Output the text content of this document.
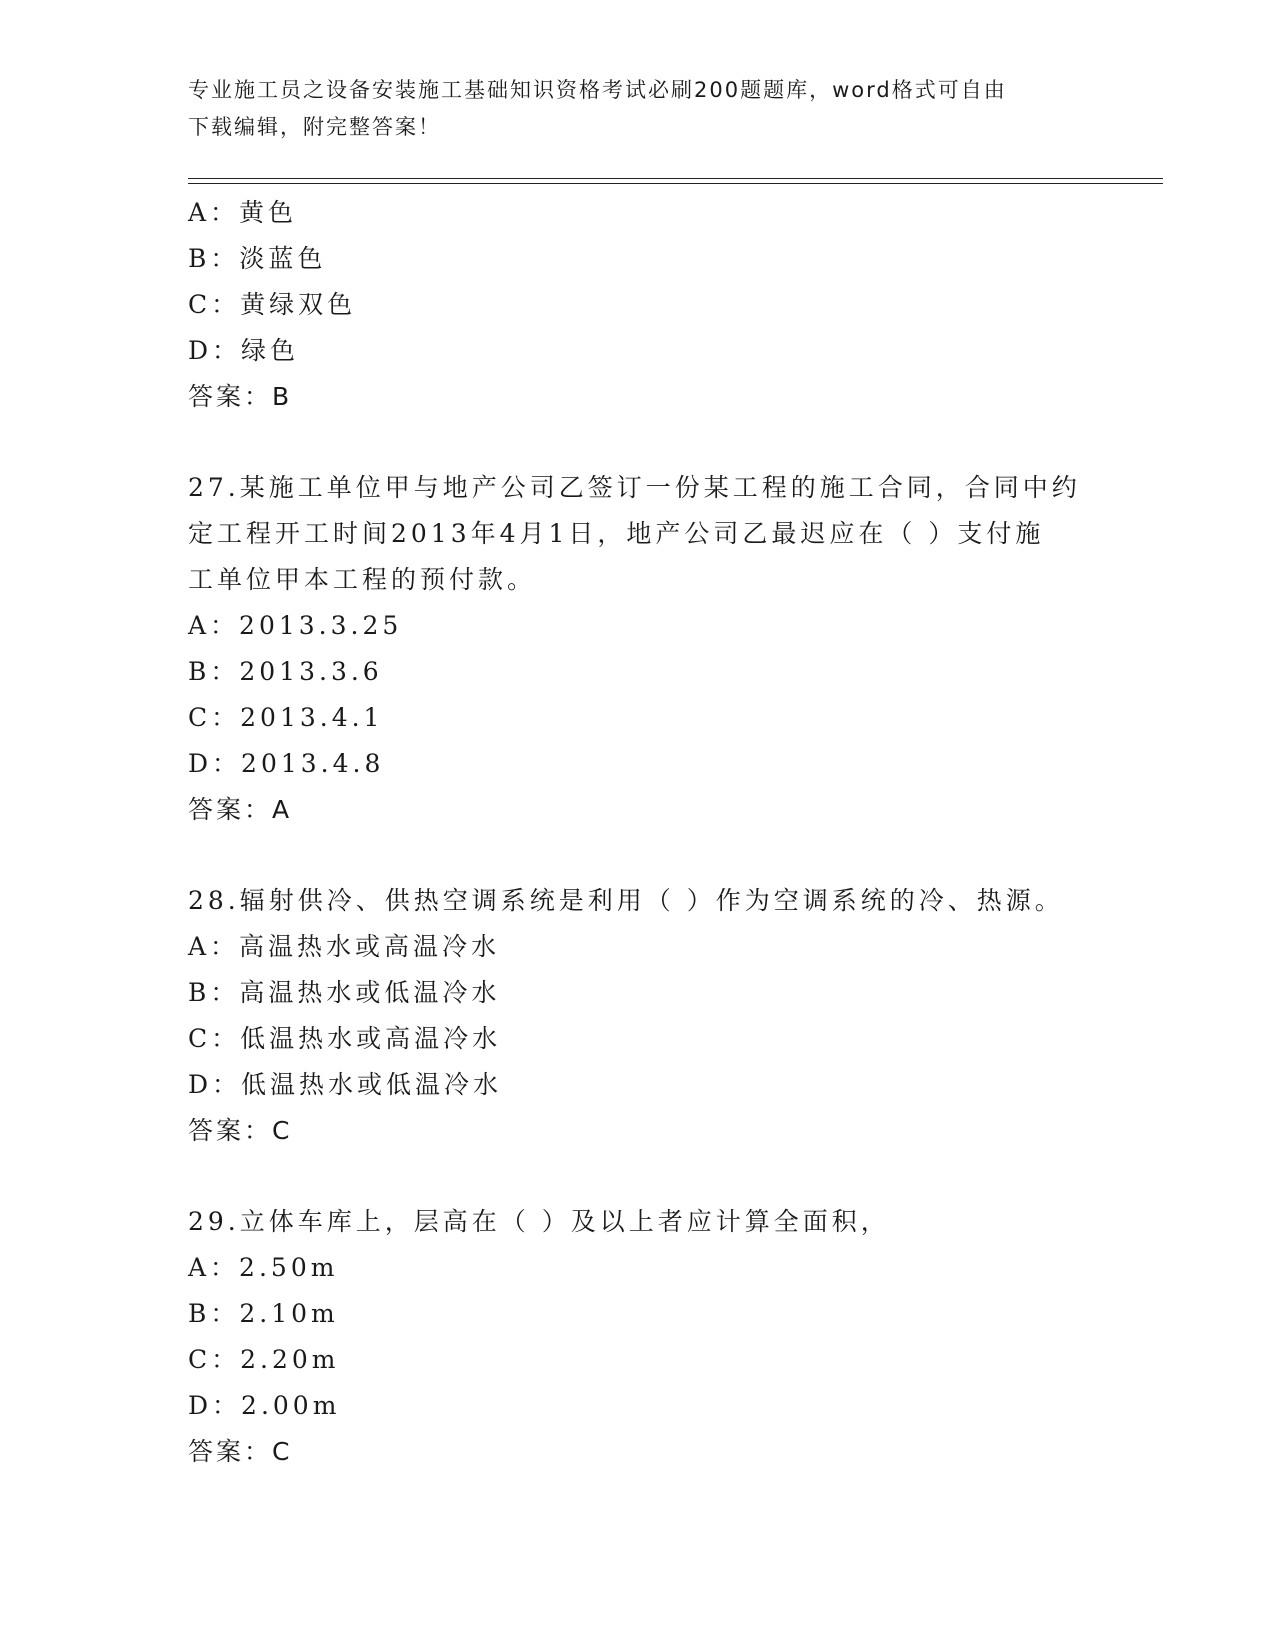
专业施工员之设备安装施工基础知识资格考试必刷200题题库，word格式可自由
下载编辑，附完整答案！
A：黄色
B：淡蓝色
C：黄绿双色
D：绿色
答案：B
27.某施工单位甲与地产公司乙签订一份某工程的施工合同，合同中约
定工程开工时间2013年4月1日，地产公司乙最迟应在（ ）支付施
工单位甲本工程的预付款。
A：2013.3.25
B：2013.3.6
C：2013.4.1
D：2013.4.8
答案：A
28.辐射供冷、供热空调系统是利用（ ）作为空调系统的冷、热源。
A：高温热水或高温冷水
B：高温热水或低温冷水
C：低温热水或高温冷水
D：低温热水或低温冷水
答案：C
29.立体车库上，层高在（ ）及以上者应计算全面积，
A：2.50m
B：2.10m
C：2.20m
D：2.00m
答案：C
